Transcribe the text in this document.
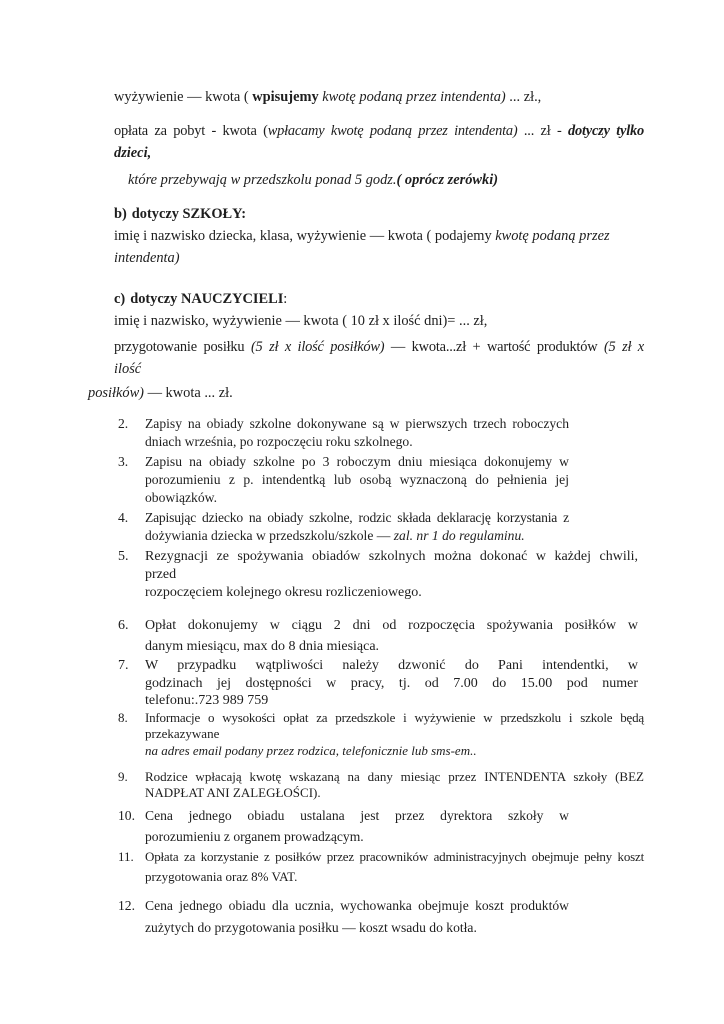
wyżywienie — kwota ( wpisujemy kwotę podaną przez intendenta) ... zł.,

opłata za pobyt - kwota (wpłacamy kwotę podaną przez intendenta) ... zł - dotyczy tylko
dzieci,

które przebywają w przedszkolu ponad 5 godz.( oprócz zerówki)

b) dotyczy SZKOŁY:

imię i nazwisko dziecka, klasa, wyżywienie — kwota ( podajemy kwotę podaną przez
intendenta)

c) dotyczy NAUCZYCIELI:

imię i nazwisko, wyżywienie — kwota ( 10 zł x ilość dni)= ... zł,

przygotowanie posiłku (5 zł x ilość posiłków) — kwota...zł + wartość produktów (5 zł x
ilość

posiłków) — kwota ... zł.

2.	Zapisy na obiady szkolne dokonywane są w pierwszych trzech roboczych
dniach września, po rozpoczęciu roku szkolnego.
3.	Zapisu na obiady szkolne po 3 roboczym dniu miesiąca dokonujemy w
porozumieniu z p. intendentką lub osobą wyznaczoną do pełnienia jej
obowiązków.
4.	Zapisując dziecko na obiady szkolne, rodzic składa deklarację korzystania z
dożywiania dziecka w przedszkolu/szkole — zal. nr 1 do regulaminu.
5.	Rezygnacji ze spożywania obiadów szkolnych można dokonać w każdej chwili,
przed
rozpoczęciem kolejnego okresu rozliczeniowego.
6.	Opłat dokonujemy w ciągu 2 dni od rozpoczęcia spożywania posiłków w
danym miesiącu, max do 8 dnia miesiąca.
7.	W przypadku wątpliwości należy dzwonić do Pani intendentki, w
godzinach jej dostępności w pracy, tj. od 7.00 do 15.00 pod numer
telefonu:.723 989 759
8.	Informacje o wysokości opłat za przedszkole i wyżywienie w przedszkolu i szkole będą
przekazywane
na adres email podany przez rodzica, telefonicznie lub sms-em..
9.	Rodzice wpłacają kwotę wskazaną na dany miesiąc przez INTENDENTA szkoły (BEZ
NADPŁAT ANI ZALEGŁOŚCI).
10. Cena jednego obiadu ustalana jest przez dyrektora szkoły w
porozumieniu z organem prowadzącym.
11. Opłata za korzystanie z posiłków przez pracowników administracyjnych obejmuje pełny koszt
przygotowania oraz 8% VAT.
12. Cena jednego obiadu dla ucznia, wychowanka obejmuje koszt produktów
zużytych do przygotowania posiłku — koszt wsadu do kotła.
